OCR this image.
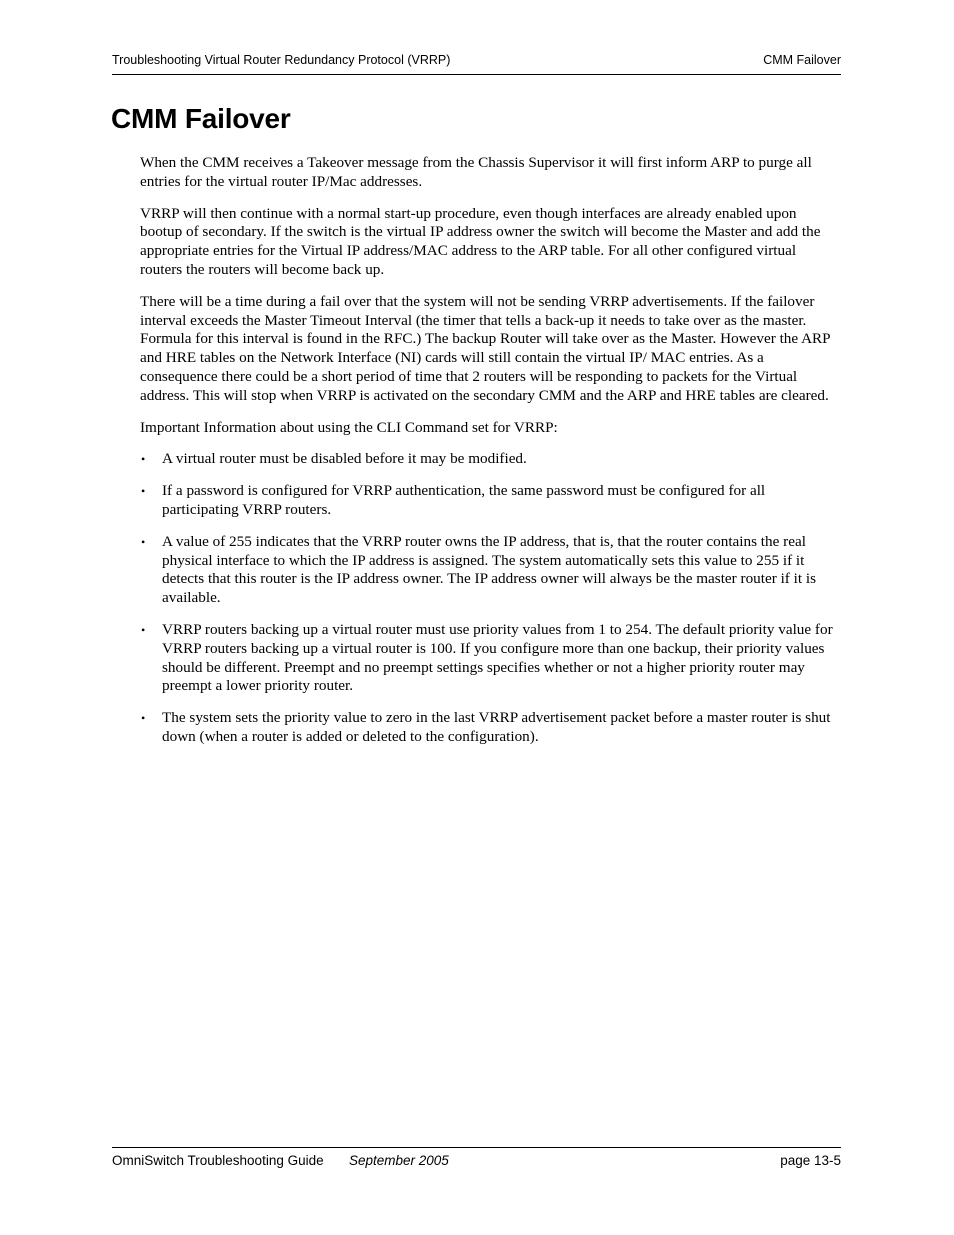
Troubleshooting Virtual Router Redundancy Protocol (VRRP)	CMM Failover
CMM Failover

When the CMM receives a Takeover message from the Chassis Supervisor it will first inform ARP to purge all entries for the virtual router IP/Mac addresses.

VRRP will then continue with a normal start-up procedure, even though interfaces are already enabled upon bootup of secondary. If the switch is the virtual IP address owner the switch will become the Master and add the appropriate entries for the Virtual IP address/MAC address to the ARP table. For all other configured virtual routers the routers will become back up.

There will be a time during a fail over that the system will not be sending VRRP advertisements. If the failover interval exceeds the Master Timeout Interval (the timer that tells a back-up it needs to take over as the master. Formula for this interval is found in the RFC.) The backup Router will take over as the Master. However the ARP and HRE tables on the Network Interface (NI) cards will still contain the virtual IP/ MAC entries. As a consequence there could be a short period of time that 2 routers will be responding to packets for the Virtual address. This will stop when VRRP is activated on the secondary CMM and the ARP and HRE tables are cleared.

Important Information about using the CLI Command set for VRRP:

• A virtual router must be disabled before it may be modified.
• If a password is configured for VRRP authentication, the same password must be configured for all participating VRRP routers.
• A value of 255 indicates that the VRRP router owns the IP address, that is, that the router contains the real physical interface to which the IP address is assigned. The system automatically sets this value to 255 if it detects that this router is the IP address owner. The IP address owner will always be the master router if it is available.
• VRRP routers backing up a virtual router must use priority values from 1 to 254. The default priority value for VRRP routers backing up a virtual router is 100. If you configure more than one backup, their priority values should be different. Preempt and no preempt settings specifies whether or not a higher priority router may preempt a lower priority router.
• The system sets the priority value to zero in the last VRRP advertisement packet before a master router is shut down (when a router is added or deleted to the configuration).
OmniSwitch Troubleshooting Guide September 2005	page 13-5
